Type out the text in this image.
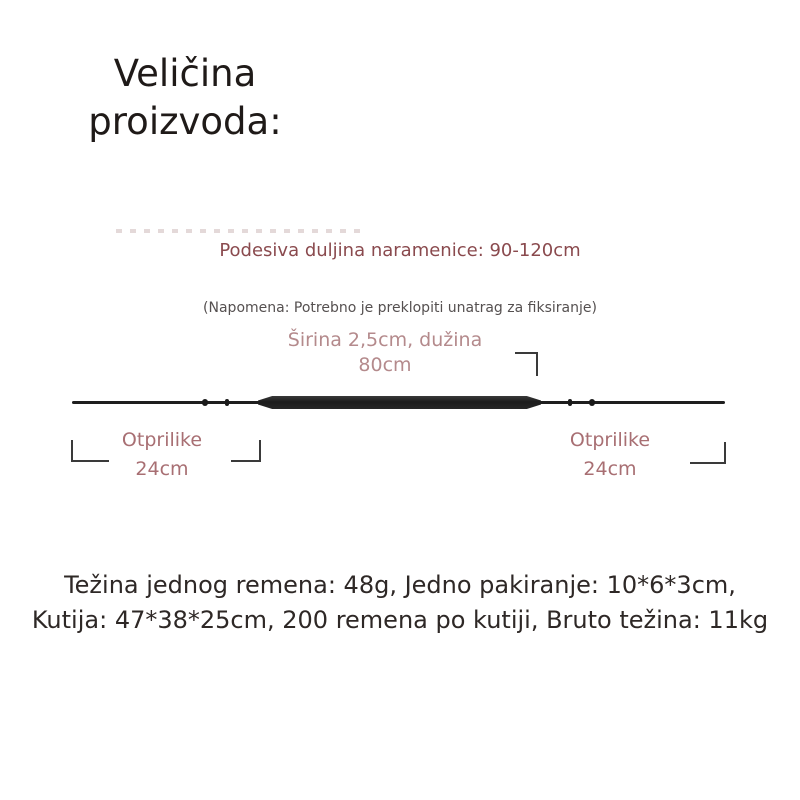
Veličina
proizvoda:
Podesiva duljina naramenice: 90-120cm
(Napomena: Potrebno je preklopiti unatrag za fiksiranje)
Širina 2,5cm, dužina
80cm
Otprilike
24cm
Otprilike
24cm
Težina jednog remena: 48g, Jedno pakiranje: 10*6*3cm, Kutija: 47*38*25cm, 200 remena po kutiji, Bruto težina: 11kg
